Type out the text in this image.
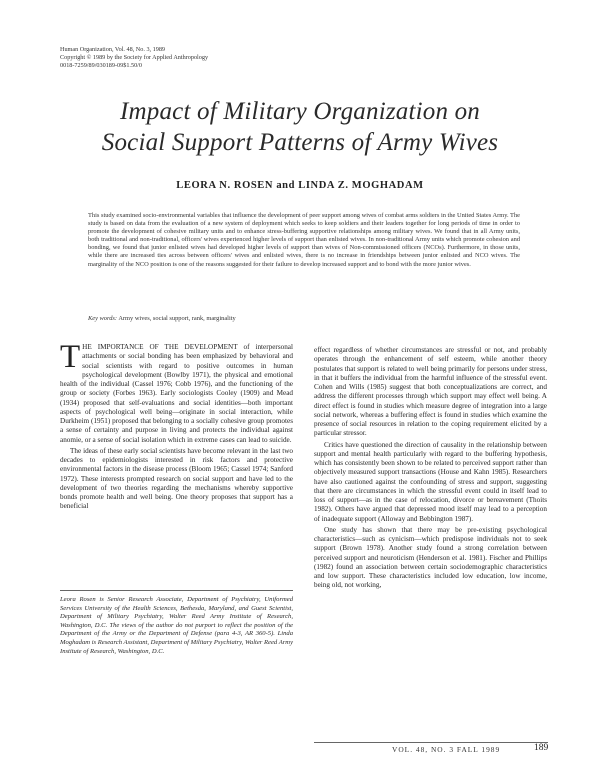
Human Organization, Vol. 48, No. 3, 1989
Copyright © 1989 by the Society for Applied Anthropology
0018-7259/89/030189-09$1.50/0
Impact of Military Organization on
Social Support Patterns of Army Wives
LEORA N. ROSEN and LINDA Z. MOGHADAM
This study examined socio-environmental variables that influence the development of peer support among wives of combat arms soldiers in the United States Army. The study is based on data from the evaluation of a new system of deployment which seeks to keep soldiers and their leaders together for long periods of time in order to promote the development of cohesive military units and to enhance stress-buffering supportive relationships among military wives. We found that in all Army units, both traditional and non-traditional, officers' wives experienced higher levels of support than enlisted wives. In non-traditional Army units which promote cohesion and bonding, we found that junior enlisted wives had developed higher levels of support than wives of Non-commissioned officers (NCOs). Furthermore, in those units, while there are increased ties across between officers' wives and enlisted wives, there is no increase in friendships between junior enlisted and NCO wives. The marginality of the NCO position is one of the reasons suggested for their failure to develop increased support and to bond with the more junior wives.
Key words: Army wives, social support, rank, marginality

THE IMPORTANCE OF THE DEVELOPMENT of interpersonal attachments or social bonding has been emphasized by behavioral and social scientists with regard to positive outcomes in human psychological development (Bowlby 1971), the physical and emotional health of the individual (Cassel 1976; Cobb 1976), and the functioning of the group or society (Forbes 1963). Early sociologists Cooley (1909) and Mead (1934) proposed that self-evaluations and social identities—both important aspects of psychological well being—originate in social interaction, while Durkheim (1951) proposed that belonging to a socially cohesive group promotes a sense of certainty and purpose in living and protects the individual against anomie, or a sense of social isolation which in extreme cases can lead to suicide.

The ideas of these early social scientists have become relevant in the last two decades to epidemiologists interested in risk factors and protective environmental factors in the disease process (Bloom 1965; Cassel 1974; Sanford 1972). These interests prompted research on social support and have led to the development of two theories regarding the mechanisms whereby supportive bonds promote health and well being. One theory proposes that support has a beneficial

effect regardless of whether circumstances are stressful or not, and probably operates through the enhancement of self esteem, while another theory postulates that support is related to well being primarily for persons under stress, in that it buffers the individual from the harmful influence of the stressful event. Cohen and Wills (1985) suggest that both conceptualizations are correct, and address the different processes through which support may effect well being. A direct effect is found in studies which measure degree of integration into a large social network, whereas a buffering effect is found in studies which examine the presence of social resources in relation to the coping requirement elicited by a particular stressor.

Critics have questioned the direction of causality in the relationship between support and mental health particularly with regard to the buffering hypothesis, which has consistently been shown to be related to perceived support rather than objectively measured support transactions (House and Kahn 1985). Researchers have also cautioned against the confounding of stress and support, suggesting that there are circumstances in which the stressful event could in itself lead to loss of support—as in the case of relocation, divorce or bereavement (Thoits 1982). Others have argued that depressed mood itself may lead to a perception of inadequate support (Alloway and Bebbington 1987).

One study has shown that there may be pre-existing psychological characteristics—such as cynicism—which predispose individuals not to seek support (Brown 1978). Another study found a strong correlation between perceived support and neuroticism (Henderson et al. 1981). Fischer and Phillips (1982) found an association between certain sociodemographic characteristics and low support. These characteristics included low education, low income, being old, not working,

Leora Rosen is Senior Research Associate, Department of Psychiatry, Uniformed Services University of the Health Sciences, Bethesda, Maryland, and Guest Scientist, Department of Military Psychiatry, Walter Reed Army Institute of Research, Washington, D.C. The views of the author do not purport to reflect the position of the Department of the Army or the Department of Defense (para 4-3, AR 360-5). Linda Moghadam is Research Assistant, Department of Military Psychiatry, Walter Reed Army Institute of Research, Washington, D.C.
VOL. 48, NO. 3 FALL 1989	189
